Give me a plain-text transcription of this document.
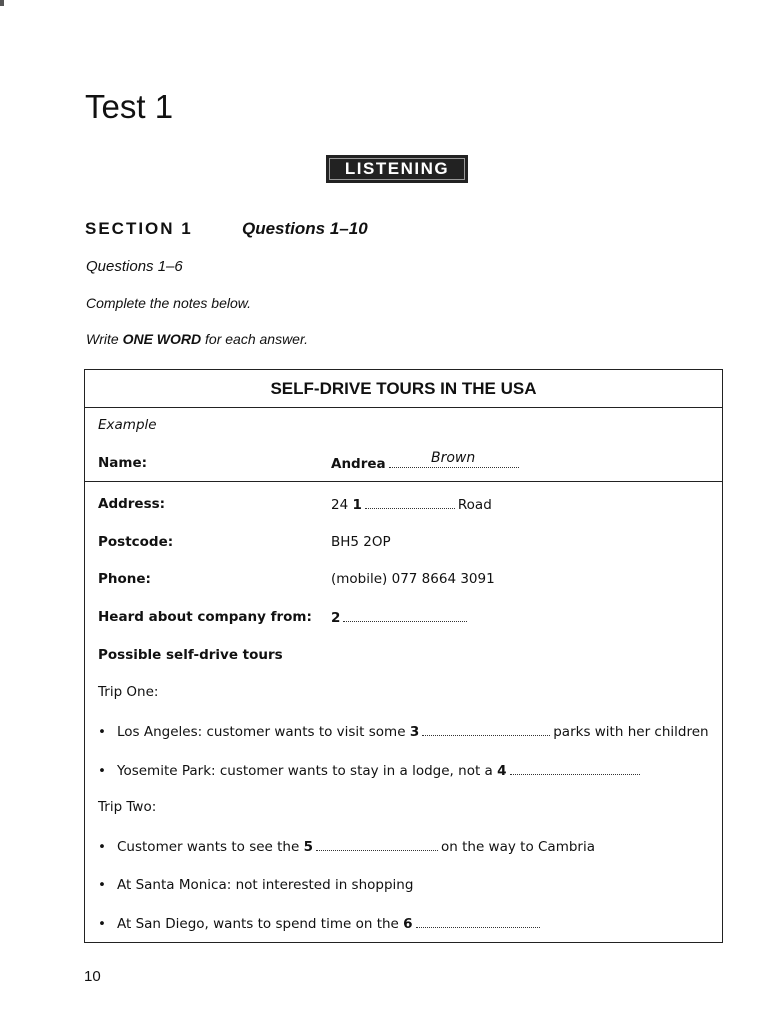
Test 1
LISTENING
SECTION 1	Questions 1–10
Questions 1–6
Complete the notes below.
Write ONE WORD for each answer.
SELF-DRIVE TOURS IN THE USA
Example
Name:	Andrea	Brown
Address:	24 1	Road
Postcode:	BH5 2OP
Phone:	(mobile) 077 8664 3091
Heard about company from: 2
Possible self-drive tours
Trip One:
• Los Angeles: customer wants to visit some 3	parks with her children
• Yosemite Park: customer wants to stay in a lodge, not a 4
Trip Two:
• Customer wants to see the 5	on the way to Cambria
• At Santa Monica: not interested in shopping
• At San Diego, wants to spend time on the 6
10
